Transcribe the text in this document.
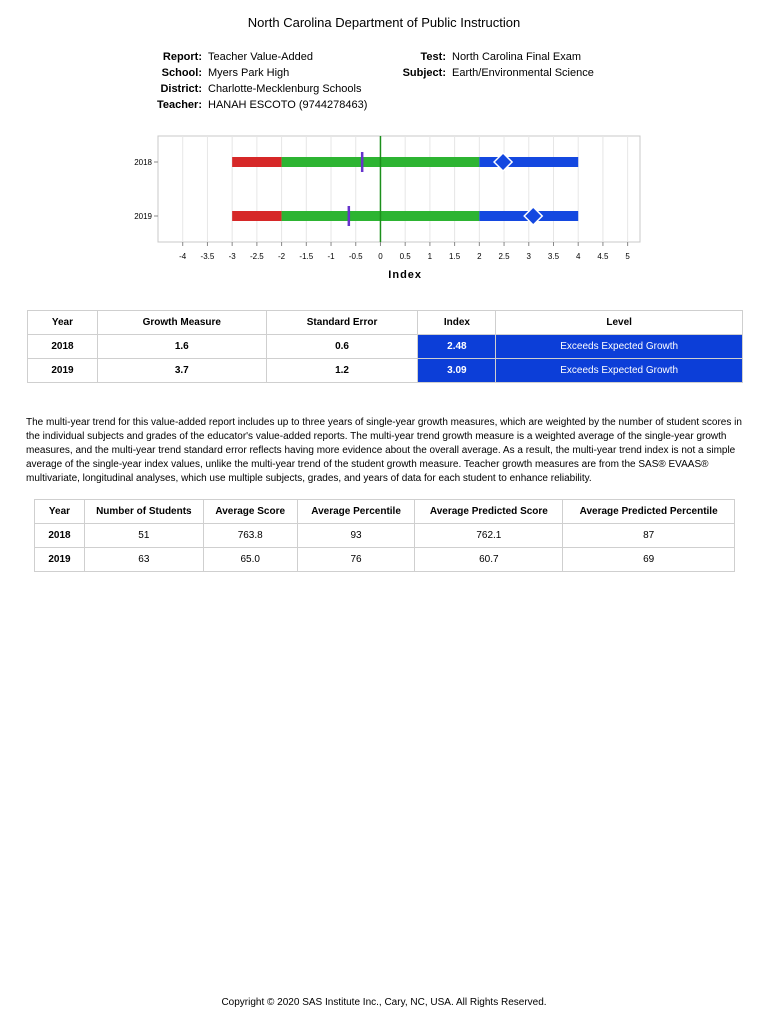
North Carolina Department of Public Instruction
Report: Teacher Value-Added
School: Myers Park High
District: Charlotte-Mecklenburg Schools
Teacher: HANAH ESCOTO (9744278463)
Test: North Carolina Final Exam
Subject: Earth/Environmental Science
-4 -3.5 -3 -2.5 -2 -1.5 -1 -0.5 0 0.5 1 1.5 2 2.5 3 3.5 4 4.5 5
Index
2018
2019
Year	Growth Measure	Standard Error	Index	Level
2018	1.6	0.6	2.48	Exceeds Expected Growth
2019	3.7	1.2	3.09	Exceeds Expected Growth
The multi-year trend for this value-added report includes up to three years of single-year growth measures, which are weighted by the number of student scores in the individual subjects and grades of the educator's value-added reports. The multi-year trend growth measure is a weighted average of the single-year growth measures, and the multi-year trend standard error reflects having more evidence about the overall average. As a result, the multi-year trend index is not a simple average of the single-year index values, unlike the multi-year trend of the student growth measure. Teacher growth measures are from the SAS® EVAAS® multivariate, longitudinal analyses, which use multiple subjects, grades, and years of data for each student to enhance reliability.
Year	Number of Students	Average Score	Average Percentile	Average Predicted Score	Average Predicted Percentile
2018	51	763.8	93	762.1	87
2019	63	65.0	76	60.7	69
Copyright © 2020 SAS Institute Inc., Cary, NC, USA. All Rights Reserved.
